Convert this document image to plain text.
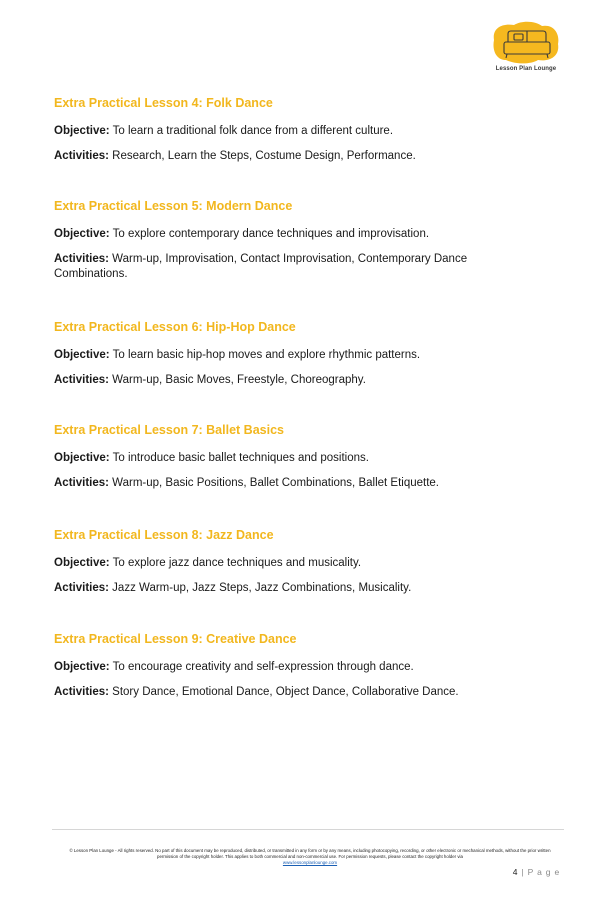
Lesson Plan Lounge
Extra Practical Lesson 4: Folk Dance
Objective: To learn a traditional folk dance from a different culture.
Activities: Research, Learn the Steps, Costume Design, Performance.
Extra Practical Lesson 5: Modern Dance
Objective: To explore contemporary dance techniques and improvisation.
Activities: Warm-up, Improvisation, Contact Improvisation, Contemporary Dance Combinations.
Extra Practical Lesson 6: Hip-Hop Dance
Objective: To learn basic hip-hop moves and explore rhythmic patterns.
Activities: Warm-up, Basic Moves, Freestyle, Choreography.
Extra Practical Lesson 7: Ballet Basics
Objective: To introduce basic ballet techniques and positions.
Activities: Warm-up, Basic Positions, Ballet Combinations, Ballet Etiquette.
Extra Practical Lesson 8: Jazz Dance
Objective: To explore jazz dance techniques and musicality.
Activities: Jazz Warm-up, Jazz Steps, Jazz Combinations, Musicality.
Extra Practical Lesson 9: Creative Dance
Objective: To encourage creativity and self-expression through dance.
Activities: Story Dance, Emotional Dance, Object Dance, Collaborative Dance.
© Lesson Plan Lounge - All rights reserved. No part of this document may be reproduced, distributed, or transmitted in any form or by any means, including photocopying, recording, or other electronic or mechanical methods, without the prior written permission of the copyright holder. This applies to both commercial and non-commercial use. For permission requests, please contact the copyright holder via
www.lessonplanlounge.com
4 | P a g e
